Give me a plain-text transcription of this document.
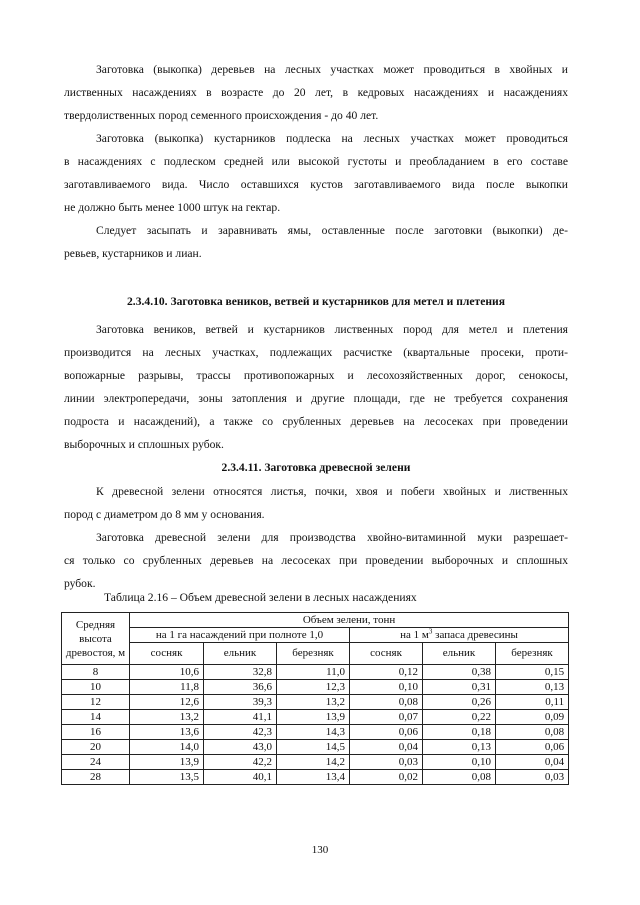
Заготовка (выкопка) деревьев на лесных участках может проводиться в хвойных и
лиственных насаждениях в возрасте до 20 лет, в кедровых насаждениях и насаждениях
твердолиственных пород семенного происхождения - до 40 лет.
Заготовка (выкопка) кустарников подлеска на лесных участках может проводиться
в насаждениях с подлеском средней или высокой густоты и преобладанием в его составе
заготавливаемого вида. Число оставшихся кустов заготавливаемого вида после выкопки
не должно быть менее 1000 штук на гектар.
Следует засыпать и заравнивать ямы, оставленные после заготовки (выкопки) де-
ревьев, кустарников и лиан.
2.3.4.10. Заготовка веников, ветвей и кустарников для метел и плетения
Заготовка веников, ветвей и кустарников лиственных пород для метел и плетения
производится на лесных участках, подлежащих расчистке (квартальные просеки, проти-
вопожарные разрывы, трассы противопожарных и лесохозяйственных дорог, сенокосы,
линии электропередачи, зоны затопления и другие площади, где не требуется сохранения
подроста и насаждений), а также со срубленных деревьев на лесосеках при проведении
выборочных и сплошных рубок.
2.3.4.11. Заготовка древесной зелени
К древесной зелени относятся листья, почки, хвоя и побеги хвойных и лиственных
пород с диаметром до 8 мм у основания.
Заготовка древесной зелени для производства хвойно-витаминной муки разрешает-
ся только со срубленных деревьев на лесосеках при проведении выборочных и сплошных
рубок.
Таблица 2.16 – Объем древесной зелени в лесных насаждениях
Средняя высота древостоя, м	Объем зелени, тонн					
	на 1 га насаждений при полноте 1,0			на 1 $м^3$ запаса древесины		
	сосняк	ельник	березняк	сосняк	ельник	березняк
8	10,6	32,8	11,0	0,12	0,38	0,15
10	11,8	36,6	12,3	0,10	0,31	0,13
12	12,6	39,3	13,2	0,08	0,26	0,11
14	13,2	41,1	13,9	0,07	0,22	0,09
16	13,6	42,3	14,3	0,06	0,18	0,08
20	14,0	43,0	14,5	0,04	0,13	0,06
24	13,9	42,2	14,2	0,03	0,10	0,04
28	13,5	40,1	13,4	0,02	0,08	0,03
130
